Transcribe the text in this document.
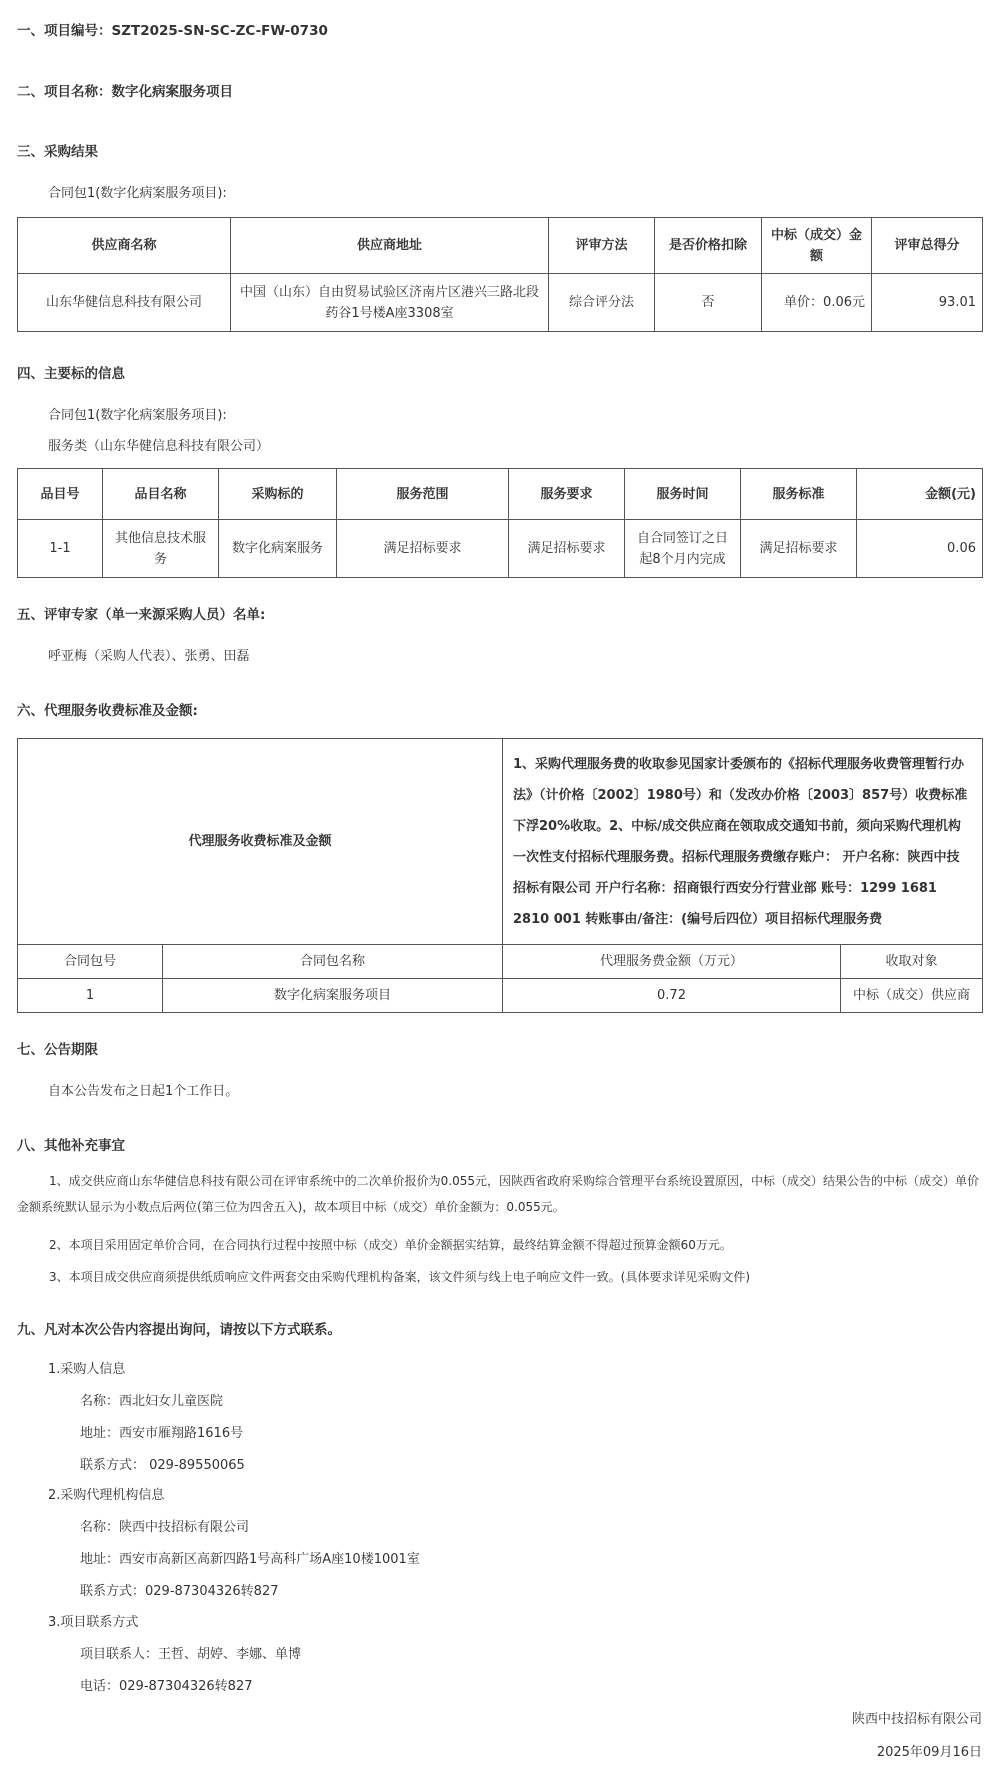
一、项目编号：SZT2025-SN-SC-ZC-FW-0730
二、项目名称：数字化病案服务项目
三、采购结果
合同包1(数字化病案服务项目):
供应商名称	供应商地址	评审方法	是否价格扣除	中标（成交）金额	评审总得分
山东华健信息科技有限公司	中国（山东）自由贸易试验区济南片区港兴三路北段药谷1号楼A座3308室	综合评分法	否	单价：0.06元	93.01
四、主要标的信息
合同包1(数字化病案服务项目):
服务类（山东华健信息科技有限公司）
品目号	品目名称	采购标的	服务范围	服务要求	服务时间	服务标准	金额(元)
1-1	其他信息技术服务	数字化病案服务	满足招标要求	满足招标要求	自合同签订之日起8个月内完成	满足招标要求	0.06
五、评审专家（单一来源采购人员）名单:
呼亚梅（采购人代表）、张勇、田磊
六、代理服务收费标准及金额:
代理服务收费标准及金额		1、采购代理服务费的收取参见国家计委颁布的《招标代理服务收费管理暂行办法》（计价格〔2002〕1980号）和（发改办价格〔2003〕857号）收费标准下浮20%收取。2、中标/成交供应商在领取成交通知书前，须向采购代理机构一次性支付招标代理服务费。招标代理服务费缴存账户： 开户名称：陕西中技招标有限公司 开户行名称：招商银行西安分行营业部 账号：1299 1681 2810 001 转账事由/备注：(编号后四位）项目招标代理服务费	
合同包号	合同包名称	代理服务费金额（万元）	收取对象
1	数字化病案服务项目	0.72	中标（成交）供应商
七、公告期限
自本公告发布之日起1个工作日。
八、其他补充事宜
1、成交供应商山东华健信息科技有限公司在评审系统中的二次单价报价为0.055元，因陕西省政府采购综合管理平台系统设置原因，中标（成交）结果公告的中标（成交）单价金额系统默认显示为小数点后两位(第三位为四舍五入)，故本项目中标（成交）单价金额为：0.055元。
2、本项目采用固定单价合同，在合同执行过程中按照中标（成交）单价金额据实结算，最终结算金额不得超过预算金额60万元。
3、本项目成交供应商须提供纸质响应文件两套交由采购代理机构备案，该文件须与线上电子响应文件一致。(具体要求详见采购文件)
九、凡对本次公告内容提出询问，请按以下方式联系。
1.采购人信息
名称：西北妇女儿童医院
地址：西安市雁翔路1616号
联系方式： 029-89550065
2.采购代理机构信息
名称：陕西中技招标有限公司
地址：西安市高新区高新四路1号高科广场A座10楼1001室
联系方式：029-87304326转827
3.项目联系方式
项目联系人：王哲、胡婷、李娜、单博
电话：029-87304326转827
陕西中技招标有限公司
2025年09月16日
